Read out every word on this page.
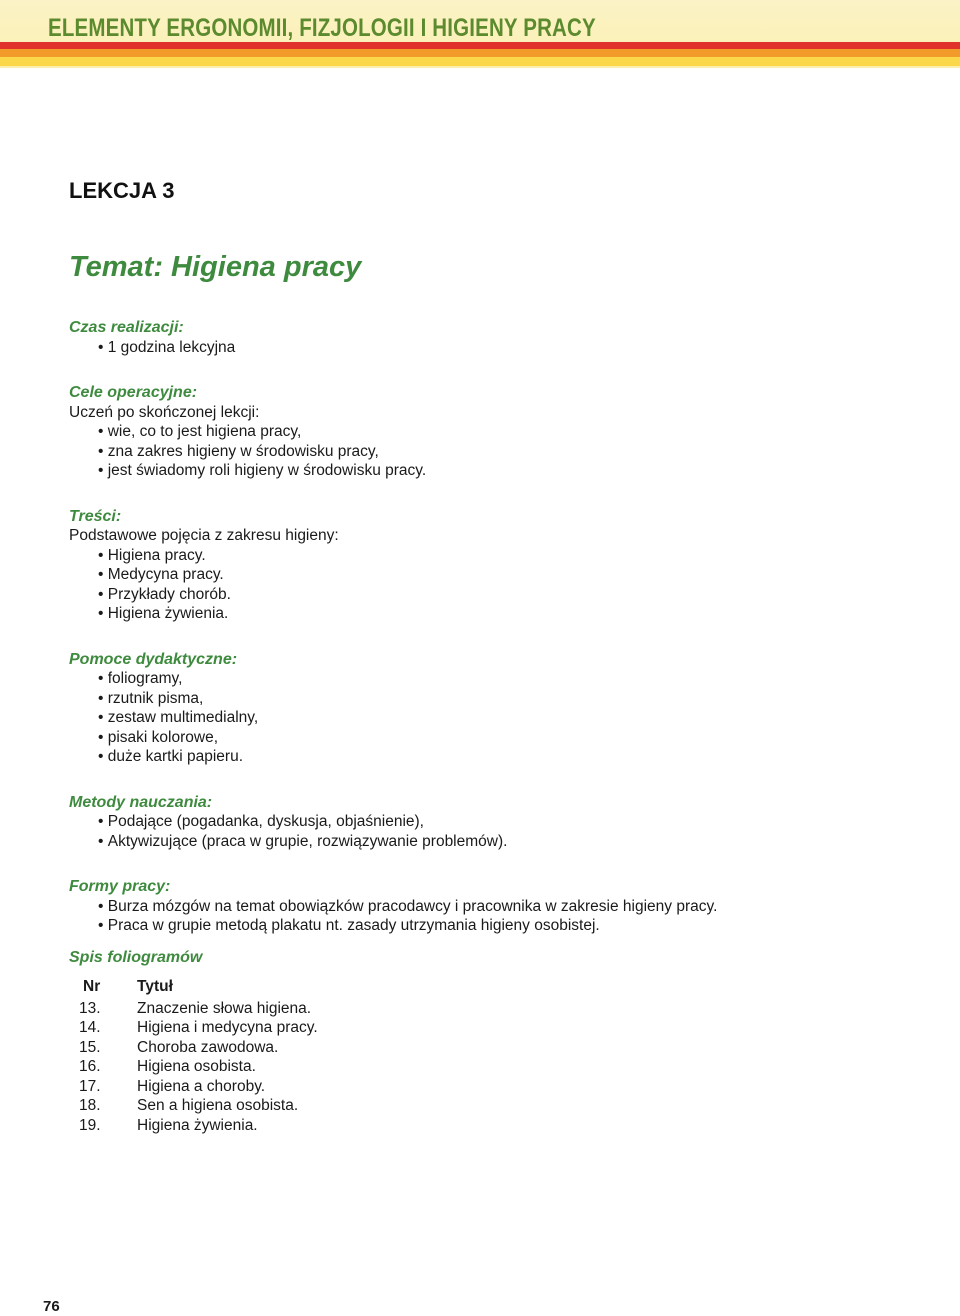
ELEMENTY ERGONOMII, FIZJOLOGII I HIGIENY PRACY
LEKCJA 3
Temat: Higiena pracy

Czas realizacji:

• 1 godzina lekcyjna

Cele operacyjne:

Uczeń po skończonej lekcji:

• wie, co to jest higiena pracy,
• zna zakres higieny w środowisku pracy,
• jest świadomy roli higieny w środowisku pracy.

Treści:

Podstawowe pojęcia z zakresu higieny:

• Higiena pracy.
• Medycyna pracy.
• Przykłady chorób.
• Higiena żywienia.

Pomoce dydaktyczne:

• foliogramy,
• rzutnik pisma,
• zestaw multimedialny,
• pisaki kolorowe,
• duże kartki papieru.

Metody nauczania:

• Podające (pogadanka, dyskusja, objaśnienie),
• Aktywizujące (praca w grupie, rozwiązywanie problemów).

Formy pracy:

• Burza mózgów na temat obowiązków pracodawcy i pracownika w zakresie higieny pracy.
• Praca w grupie metodą plakatu nt. zasady utrzymania higieny osobistej.

Spis foliogramów

Nr	Tytuł
13.	Znaczenie słowa higiena.
14.	Higiena i medycyna pracy.
15.	Choroba zawodowa.
16.	Higiena osobista.
17.	Higiena a choroby.
18.	Sen a higiena osobista.
19.	Higiena żywienia.
76
